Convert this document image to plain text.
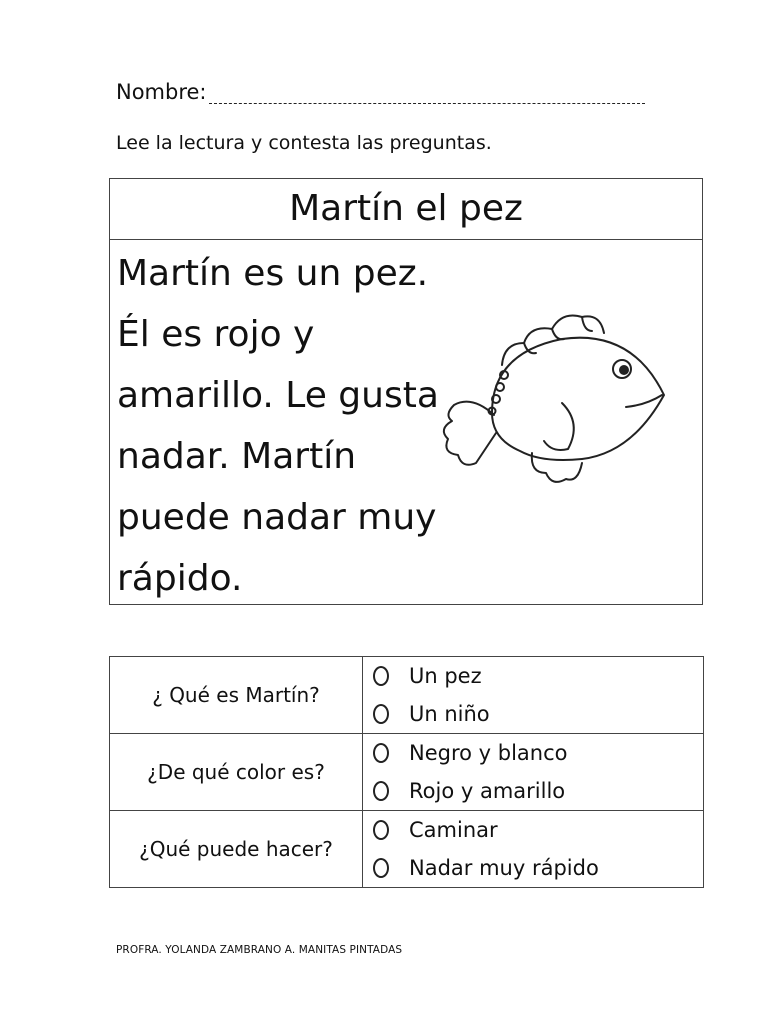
Nombre:
Lee la lectura y contesta las preguntas.
Martín el pez
Martín es un pez.
Él es rojo y
amarillo. Le gusta
nadar. Martín
puede nadar muy
rápido.
¿ Qué es Martín?	Un pez
Un niño

¿De qué color es?	Negro y blanco
Rojo y amarillo

¿Qué puede hacer?	Caminar
Nadar muy rápido
PROFRA. YOLANDA ZAMBRANO A. MANITAS PINTADAS
